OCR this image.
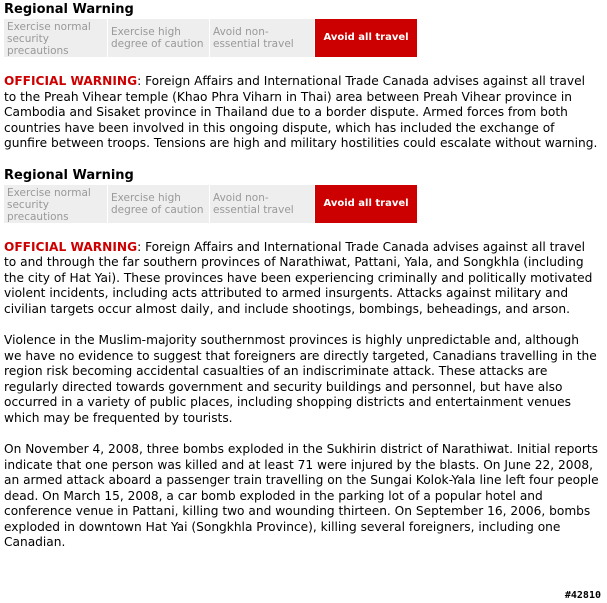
Regional Warning
Exercise normal security precautions
Exercise high degree of caution
Avoid non-essential travel
Avoid all travel

OFFICIAL WARNING: Foreign Affairs and International Trade Canada advises against all travel to the Preah Vihear temple (Khao Phra Viharn in Thai) area between Preah Vihear province in Cambodia and Sisaket province in Thailand due to a border dispute. Armed forces from both countries have been involved in this ongoing dispute, which has included the exchange of gunfire between troops. Tensions are high and military hostilities could escalate without warning.

Regional Warning
Exercise normal security precautions
Exercise high degree of caution
Avoid non-essential travel
Avoid all travel

OFFICIAL WARNING: Foreign Affairs and International Trade Canada advises against all travel to and through the far southern provinces of Narathiwat, Pattani, Yala, and Songkhla (including the city of Hat Yai). These provinces have been experiencing criminally and politically motivated violent incidents, including acts attributed to armed insurgents. Attacks against military and civilian targets occur almost daily, and include shootings, bombings, beheadings, and arson.

Violence in the Muslim-majority southernmost provinces is highly unpredictable and, although we have no evidence to suggest that foreigners are directly targeted, Canadians travelling in the region risk becoming accidental casualties of an indiscriminate attack. These attacks are regularly directed towards government and security buildings and personnel, but have also occurred in a variety of public places, including shopping districts and entertainment venues which may be frequented by tourists.

On November 4, 2008, three bombs exploded in the Sukhirin district of Narathiwat. Initial reports indicate that one person was killed and at least 71 were injured by the blasts. On June 22, 2008, an armed attack aboard a passenger train travelling on the Sungai Kolok-Yala line left four people dead. On March 15, 2008, a car bomb exploded in the parking lot of a popular hotel and conference venue in Pattani, killing two and wounding thirteen. On September 16, 2006, bombs exploded in downtown Hat Yai (Songkhla Province), killing several foreigners, including one Canadian.

#42810
